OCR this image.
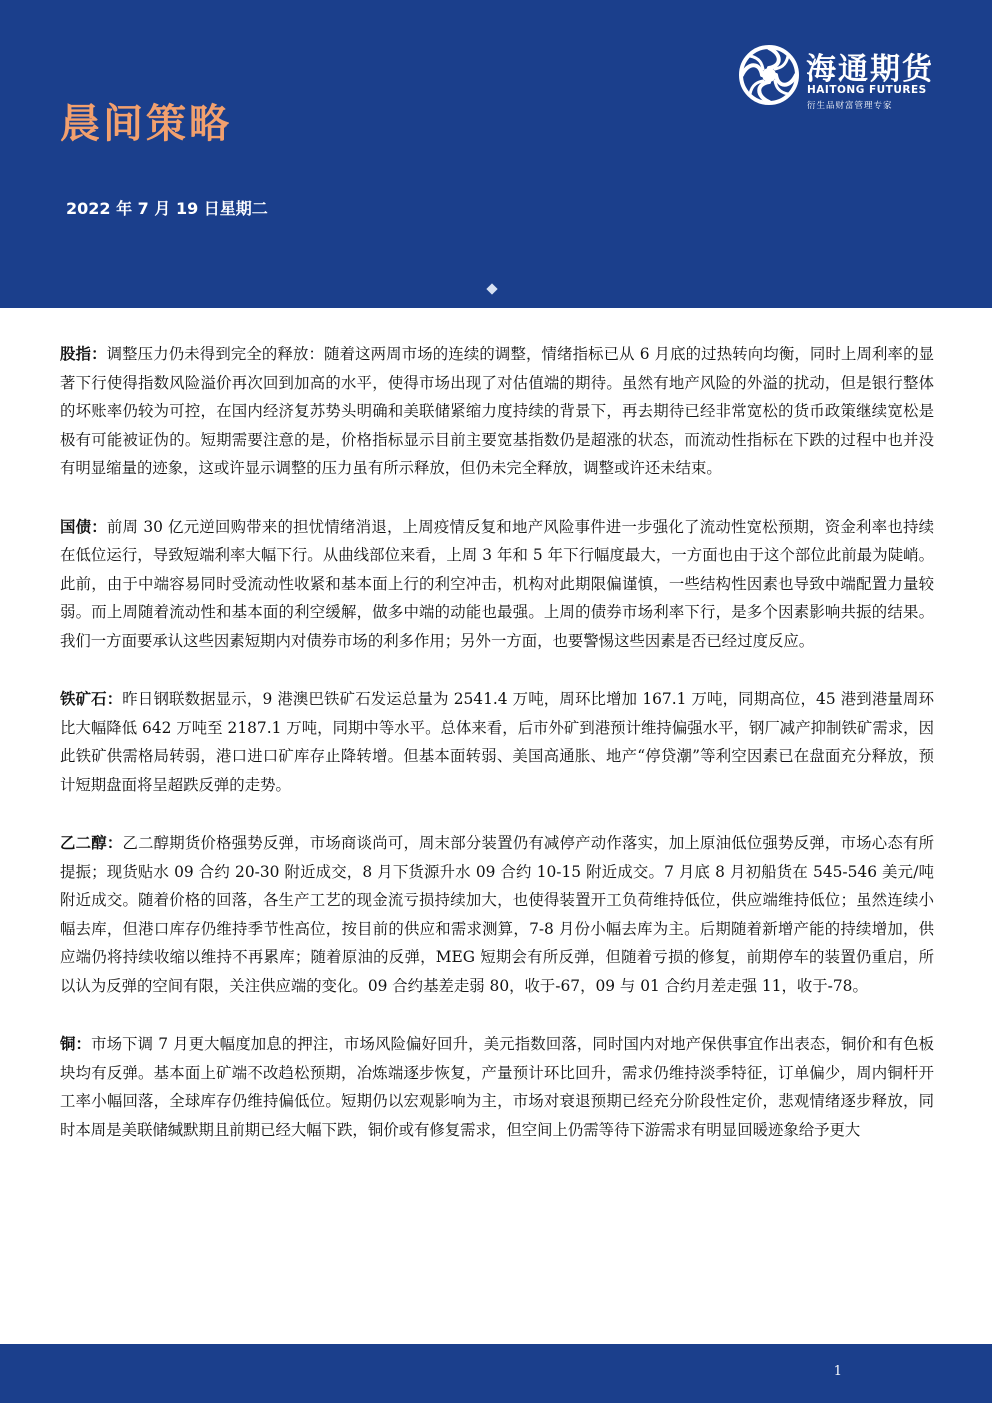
晨间策略
2022 年 7 月 19 日星期二
海通期货
HAITONG FUTURES
衍生品财富管理专家

股指：调整压力仍未得到完全的释放：随着这两周市场的连续的调整，情绪指标已从 6 月底的过热转向均衡，同时上周利率的显著下行使得指数风险溢价再次回到加高的水平，使得市场出现了对估值端的期待。虽然有地产风险的外溢的扰动，但是银行整体的坏账率仍较为可控，在国内经济复苏势头明确和美联储紧缩力度持续的背景下，再去期待已经非常宽松的货币政策继续宽松是极有可能被证伪的。短期需要注意的是，价格指标显示目前主要宽基指数仍是超涨的状态，而流动性指标在下跌的过程中也并没有明显缩量的迹象，这或许显示调整的压力虽有所示释放，但仍未完全释放，调整或许还未结束。

国债：前周 30 亿元逆回购带来的担忧情绪消退，上周疫情反复和地产风险事件进一步强化了流动性宽松预期，资金利率也持续在低位运行，导致短端利率大幅下行。从曲线部位来看，上周 3 年和 5 年下行幅度最大，一方面也由于这个部位此前最为陡峭。此前，由于中端容易同时受流动性收紧和基本面上行的利空冲击，机构对此期限偏谨慎，一些结构性因素也导致中端配置力量较弱。而上周随着流动性和基本面的利空缓解，做多中端的动能也最强。上周的债券市场利率下行，是多个因素影响共振的结果。我们一方面要承认这些因素短期内对债券市场的利多作用；另外一方面，也要警惕这些因素是否已经过度反应。

铁矿石：昨日钢联数据显示，9 港澳巴铁矿石发运总量为 2541.4 万吨，周环比增加 167.1 万吨，同期高位，45 港到港量周环比大幅降低 642 万吨至 2187.1 万吨，同期中等水平。总体来看，后市外矿到港预计维持偏强水平，钢厂减产抑制铁矿需求，因此铁矿供需格局转弱，港口进口矿库存止降转增。但基本面转弱、美国高通胀、地产“停贷潮”等利空因素已在盘面充分释放，预计短期盘面将呈超跌反弹的走势。

乙二醇：乙二醇期货价格强势反弹，市场商谈尚可，周末部分装置仍有减停产动作落实，加上原油低位强势反弹，市场心态有所提振；现货贴水 09 合约 20-30 附近成交，8 月下货源升水 09 合约 10-15 附近成交。7 月底 8 月初船货在 545-546 美元/吨附近成交。随着价格的回落，各生产工艺的现金流亏损持续加大，也使得装置开工负荷维持低位，供应端维持低位；虽然连续小幅去库，但港口库存仍维持季节性高位，按目前的供应和需求测算，7-8 月份小幅去库为主。后期随着新增产能的持续增加，供应端仍将持续收缩以维持不再累库；随着原油的反弹，MEG 短期会有所反弹，但随着亏损的修复，前期停车的装置仍重启，所以认为反弹的空间有限，关注供应端的变化。09 合约基差走弱 80，收于-67，09 与 01 合约月差走强 11，收于-78。

铜：市场下调 7 月更大幅度加息的押注，市场风险偏好回升，美元指数回落，同时国内对地产保供事宜作出表态，铜价和有色板块均有反弹。基本面上矿端不改趋松预期，冶炼端逐步恢复，产量预计环比回升，需求仍维持淡季特征，订单偏少，周内铜杆开工率小幅回落，全球库存仍维持偏低位。短期仍以宏观影响为主，市场对衰退预期已经充分阶段性定价，悲观情绪逐步释放，同时本周是美联储缄默期且前期已经大幅下跌，铜价或有修复需求，但空间上仍需等待下游需求有明显回暖迹象给予更大

1
